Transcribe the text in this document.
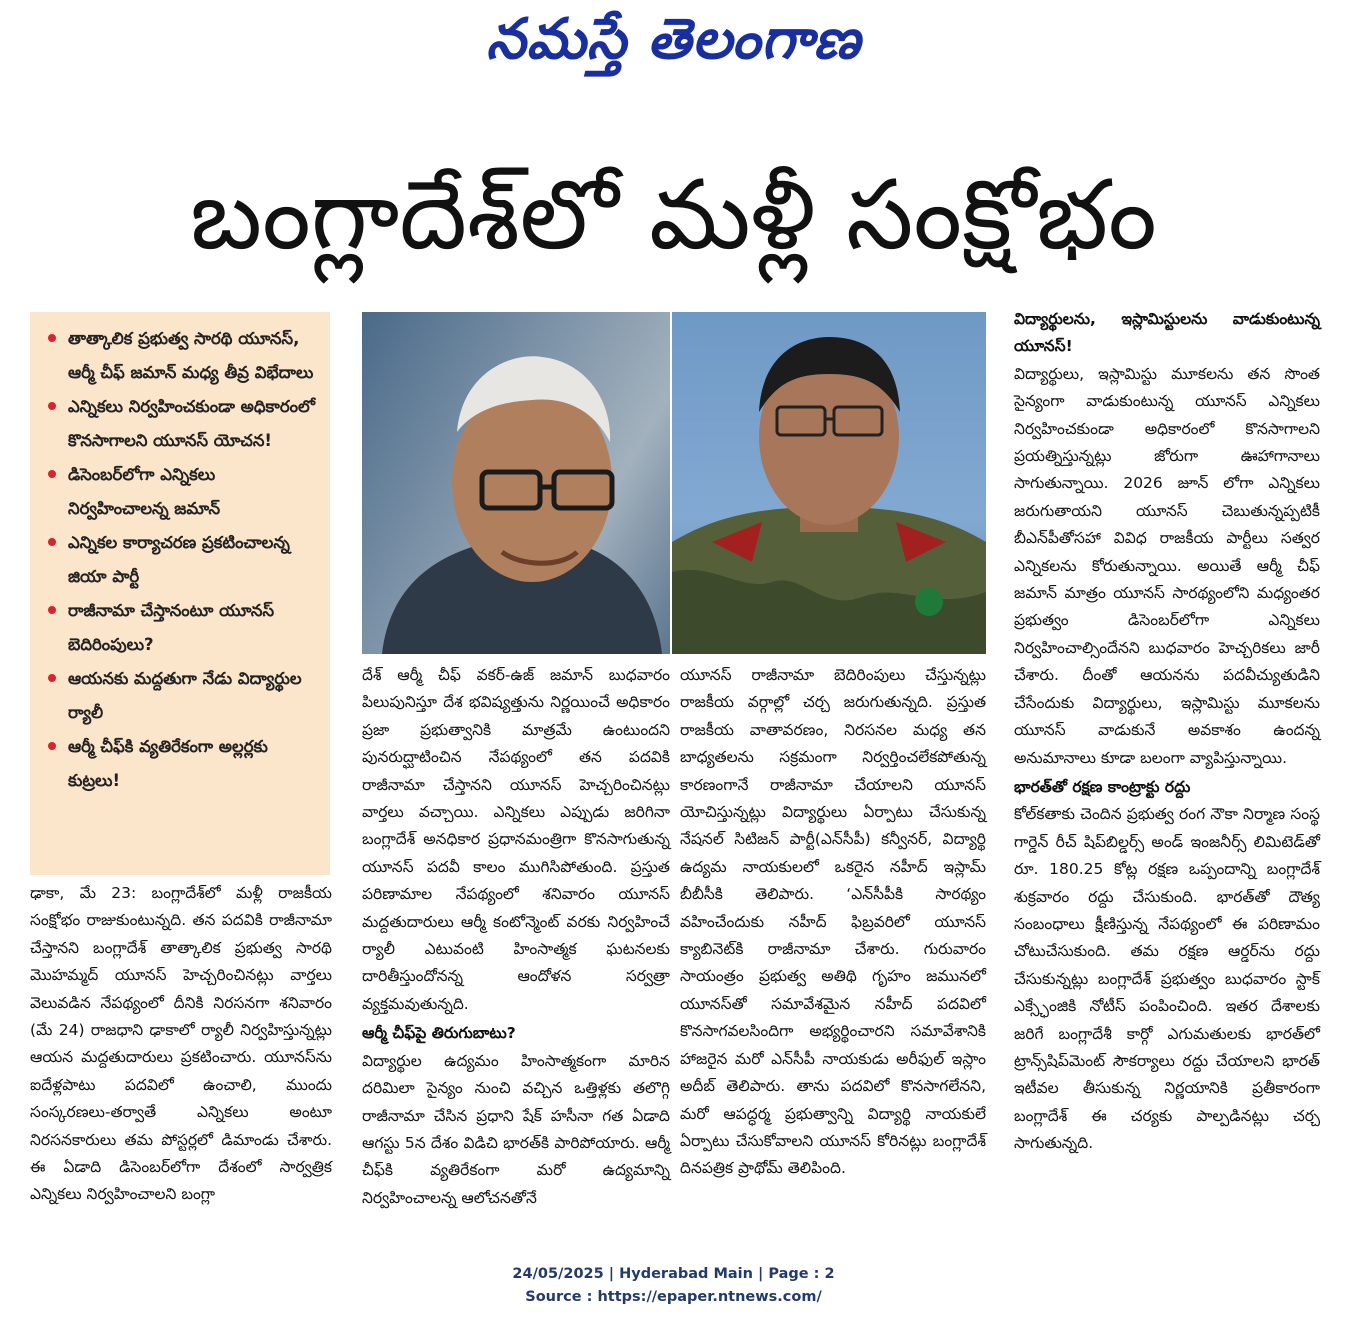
నమస్తే తెలంగాణ
బంగ్లాదేశ్‌లో మళ్లీ సంక్షోభం
తాత్కాలిక ప్రభుత్వ సారథి యూనస్, ఆర్మీ చీఫ్ జమాన్ మధ్య తీవ్ర విభేదాలు
ఎన్నికలు నిర్వహించకుండా అధికారంలో కొనసాగాలని యూనస్ యోచన!
డిసెంబర్‌లోగా ఎన్నికలు నిర్వహించాలన్న జమాన్
ఎన్నికల కార్యాచరణ ప్రకటించాలన్న జియా పార్టీ
రాజీనామా చేస్తానంటూ యూనస్ బెదిరింపులు?
ఆయనకు మద్దతుగా నేడు విద్యార్థుల ర్యాలీ
ఆర్మీ చీఫ్‌కి వ్యతిరేకంగా అల్లర్లకు కుట్రలు!

ఢాకా, మే 23: బంగ్లాదేశ్‌లో మళ్లీ రాజకీయ సంక్షోభం రాజుకుంటున్నది. తన పదవికి రాజీనామా చేస్తానని బంగ్లాదేశ్ తాత్కాలిక ప్రభుత్వ సారథి మొహమ్మద్ యూనస్ హెచ్చరించినట్లు వార్తలు వెలువడిన నేపథ్యంలో దీనికి నిరసనగా శనివారం (మే 24) రాజధాని ఢాకాలో ర్యాలీ నిర్వహిస్తున్నట్లు ఆయన మద్దతుదారులు ప్రకటించారు. యూనస్‌ను ఐదేళ్లపాటు పదవిలో ఉంచాలి, ముందు సంస్కరణలు-తర్వాతే ఎన్నికలు అంటూ నిరసనకారులు తమ పోస్టర్లలో డిమాండు చేశారు. ఈ ఏడాది డిసెంబర్‌లోగా దేశంలో సార్వత్రిక ఎన్నికలు నిర్వహించాలని బంగ్లా

దేశ్ ఆర్మీ చీఫ్ వకర్-ఉజ్ జమాన్ బుధవారం పిలుపునిస్తూ దేశ భవిష్యత్తును నిర్ణయించే అధికారం ప్రజా ప్రభుత్వానికి మాత్రమే ఉంటుందని పునరుద్ఘాటించిన నేపథ్యంలో తన పదవికి రాజీనామా చేస్తానని యూనస్ హెచ్చరించినట్లు వార్తలు వచ్చాయి. ఎన్నికలు ఎప్పుడు జరిగినా బంగ్లాదేశ్ అనధికార ప్రధానమంత్రిగా కొనసాగుతున్న యూనస్ పదవీ కాలం ముగిసిపోతుంది. ప్రస్తుత పరిణామాల నేపథ్యంలో శనివారం యూనస్ మద్దతుదారులు ఆర్మీ కంటోన్మెంట్ వరకు నిర్వహించే ర్యాలీ ఎటువంటి హింసాత్మక ఘటనలకు దారితీస్తుందోనన్న ఆందోళన సర్వత్రా వ్యక్తమవుతున్నది.

ఆర్మీ చీఫ్‌పై తిరుగుబాటు?

విద్యార్థుల ఉద్యమం హింసాత్మకంగా మారిన దరిమిలా సైన్యం నుంచి వచ్చిన ఒత్తిళ్లకు తలొగ్గి రాజీనామా చేసిన ప్రధాని షేక్ హసీనా గత ఏడాది ఆగస్టు 5న దేశం విడిచి భారత్‌కి పారిపోయారు. ఆర్మీ చీఫ్‌కి వ్యతిరేకంగా మరో ఉద్యమాన్ని నిర్వహించాలన్న ఆలోచనతోనే

యూనస్ రాజీనామా బెదిరింపులు చేస్తున్నట్లు రాజకీయ వర్గాల్లో చర్చ జరుగుతున్నది. ప్రస్తుత రాజకీయ వాతావరణం, నిరసనల మధ్య తన బాధ్యతలను సక్రమంగా నిర్వర్తించలేకపోతున్న కారణంగానే రాజీనామా చేయాలని యూనస్ యోచిస్తున్నట్లు విద్యార్థులు ఏర్పాటు చేసుకున్న నేషనల్ సిటిజన్ పార్టీ(ఎన్‌సీపీ) కన్వీనర్, విద్యార్థి ఉద్యమ నాయకులలో ఒకరైన నహీద్ ఇస్లామ్ బీబీసీకి తెలిపారు. ‘ఎన్‌సీపీకి సారథ్యం వహించేందుకు నహీద్ ఫిబ్రవరిలో యూనస్ క్యాబినెట్‌కి రాజీనామా చేశారు. గురువారం సాయంత్రం ప్రభుత్వ అతిథి గృహం జమునలో యూనస్‌తో సమావేశమైన నహీద్ పదవిలో కొనసాగవలసిందిగా అభ్యర్థించారని సమావేశానికి హాజరైన మరో ఎన్‌సీపీ నాయకుడు అరీఫుల్ ఇస్లాం అదీబ్ తెలిపారు. తాను పదవిలో కొనసాగలేనని, మరో ఆపద్ధర్మ ప్రభుత్వాన్ని విద్యార్థి నాయకులే ఏర్పాటు చేసుకోవాలని యూనస్ కోరినట్లు బంగ్లాదేశ్ దినపత్రిక ప్రాథోమ్ తెలిపింది.

విద్యార్థులను, ఇస్లామిస్టులను వాడుకుంటున్న యూనస్!

విద్యార్థులు, ఇస్లామిస్టు మూకలను తన సొంత సైన్యంగా వాడుకుంటున్న యూనస్ ఎన్నికలు నిర్వహించకుండా అధికారంలో కొనసాగాలని ప్రయత్నిస్తున్నట్లు జోరుగా ఊహాగానాలు సాగుతున్నాయి. 2026 జూన్ లోగా ఎన్నికలు జరుగుతాయని యూనస్ చెబుతున్నప్పటికీ బీఎన్‌పీతోసహా వివిధ రాజకీయ పార్టీలు సత్వర ఎన్నికలను కోరుతున్నాయి. అయితే ఆర్మీ చీఫ్ జమాన్ మాత్రం యూనస్ సారథ్యంలోని మధ్యంతర ప్రభుత్వం డిసెంబర్‌లోగా ఎన్నికలు నిర్వహించాల్సిందేనని బుధవారం హెచ్చరికలు జారీ చేశారు. దీంతో ఆయనను పదవీచ్యుతుడిని చేసేందుకు విద్యార్థులు, ఇస్లామిస్టు మూకలను యూనస్ వాడుకునే అవకాశం ఉందన్న అనుమానాలు కూడా బలంగా వ్యాపిస్తున్నాయి.

భారత్‌తో రక్షణ కాంట్రాక్టు రద్దు

కోల్‌కతాకు చెందిన ప్రభుత్వ రంగ నౌకా నిర్మాణ సంస్థ గార్డెన్ రీచ్ షిప్‌బిల్డర్స్ అండ్ ఇంజనీర్స్ లిమిటెడ్‌తో రూ. 180.25 కోట్ల రక్షణ ఒప్పందాన్ని బంగ్లాదేశ్ శుక్రవారం రద్దు చేసుకుంది. భారత్‌తో దౌత్య సంబంధాలు క్షీణిస్తున్న నేపథ్యంలో ఈ పరిణామం చోటుచేసుకుంది. తమ రక్షణ ఆర్డర్‌ను రద్దు చేసుకున్నట్లు బంగ్లాదేశ్ ప్రభుత్వం బుధవారం స్టాక్ ఎక్స్ఛేంజికి నోటీస్ పంపించింది. ఇతర దేశాలకు జరిగే బంగ్లాదేశీ కార్గో ఎగుమతులకు భారత్‌లో ట్రాన్స్‌షిప్‌మెంట్ సౌకర్యాలు రద్దు చేయాలని భారత్ ఇటీవల తీసుకున్న నిర్ణయానికి ప్రతీకారంగా బంగ్లాదేశ్ ఈ చర్యకు పాల్పడినట్లు చర్చ సాగుతున్నది.

24/05/2025 | Hyderabad Main | Page : 2
Source : https://epaper.ntnews.com/
